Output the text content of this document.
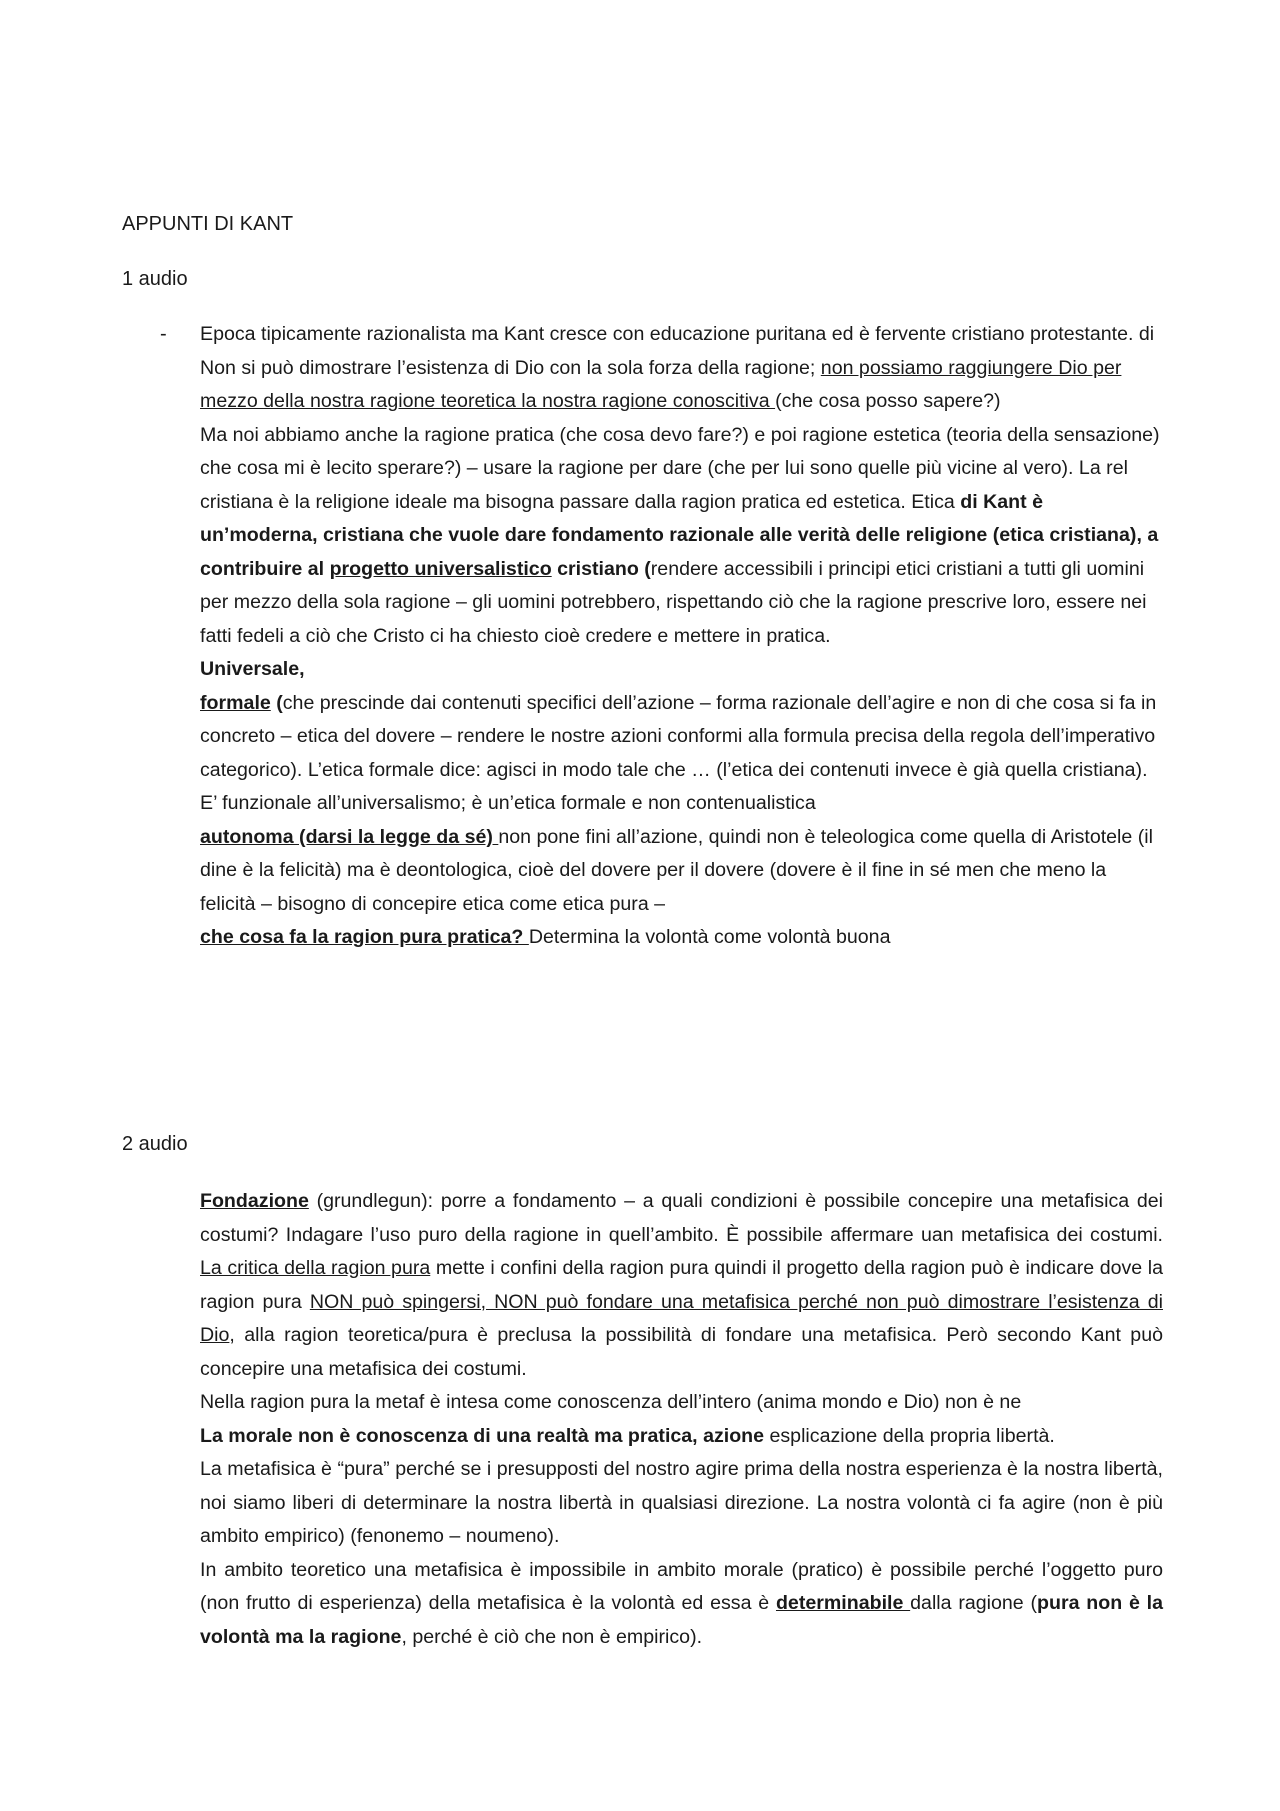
APPUNTI DI KANT
1 audio
- Epoca tipicamente razionalista ma Kant cresce con educazione puritana ed è fervente cristiano protestante. di Non si può dimostrare l’esistenza di Dio con la sola forza della ragione; non possiamo raggiungere Dio per mezzo della nostra ragione teoretica la nostra ragione conoscitiva (che cosa posso sapere?)

Ma noi abbiamo anche la ragione pratica (che cosa devo fare?) e poi ragione estetica (teoria della sensazione) che cosa mi è lecito sperare?) – usare la ragione per dare (che per lui sono quelle più vicine al vero). La rel cristiana è la religione ideale ma bisogna passare dalla ragion pratica ed estetica. Etica di Kant è un’moderna, cristiana che vuole dare fondamento razionale alle verità delle religione (etica cristiana), a contribuire al progetto universalistico cristiano (rendere accessibili i principi etici cristiani a tutti gli uomini per mezzo della sola ragione – gli uomini potrebbero, rispettando ciò che la ragione prescrive loro, essere nei fatti fedeli a ciò che Cristo ci ha chiesto cioè credere e mettere in pratica.

Universale,

formale (che prescinde dai contenuti specifici dell’azione – forma razionale dell’agire e non di che cosa si fa in concreto – etica del dovere – rendere le nostre azioni conformi alla formula precisa della regola dell’imperativo categorico). L’etica formale dice: agisci in modo tale che … (l’etica dei contenuti invece è già quella cristiana). E’ funzionale all’universalismo; è un’etica formale e non contenualistica

autonoma (darsi la legge da sé) non pone fini all’azione, quindi non è teleologica come quella di Aristotele (il dine è la felicità) ma è deontologica, cioè del dovere per il dovere (dovere è il fine in sé men che meno la felicità – bisogno di concepire etica come etica pura –

che cosa fa la ragion pura pratica? Determina la volontà come volontà buona

2 audio

Fondazione (grundlegun): porre a fondamento – a quali condizioni è possibile concepire una metafisica dei costumi? Indagare l’uso puro della ragione in quell’ambito. È possibile affermare uan metafisica dei costumi. La critica della ragion pura mette i confini della ragion pura quindi il progetto della ragion può è indicare dove la ragion pura NON può spingersi, NON può fondare una metafisica perché non può dimostrare l’esistenza di Dio, alla ragion teoretica/pura è preclusa la possibilità di fondare una metafisica. Però secondo Kant può concepire una metafisica dei costumi.

Nella ragion pura la metaf è intesa come conoscenza dell’intero (anima mondo e Dio) non è ne

La morale non è conoscenza di una realtà ma pratica, azione esplicazione della propria libertà.

La metafisica è “pura” perché se i presupposti del nostro agire prima della nostra esperienza è la nostra libertà, noi siamo liberi di determinare la nostra libertà in qualsiasi direzione. La nostra volontà ci fa agire (non è più ambito empirico) (fenonemo – noumeno).

In ambito teoretico una metafisica è impossibile in ambito morale (pratico) è possibile perché l’oggetto puro (non frutto di esperienza) della metafisica è la volontà ed essa è determinabile dalla ragione (pura non è la volontà ma la ragione, perché è ciò che non è empirico).
